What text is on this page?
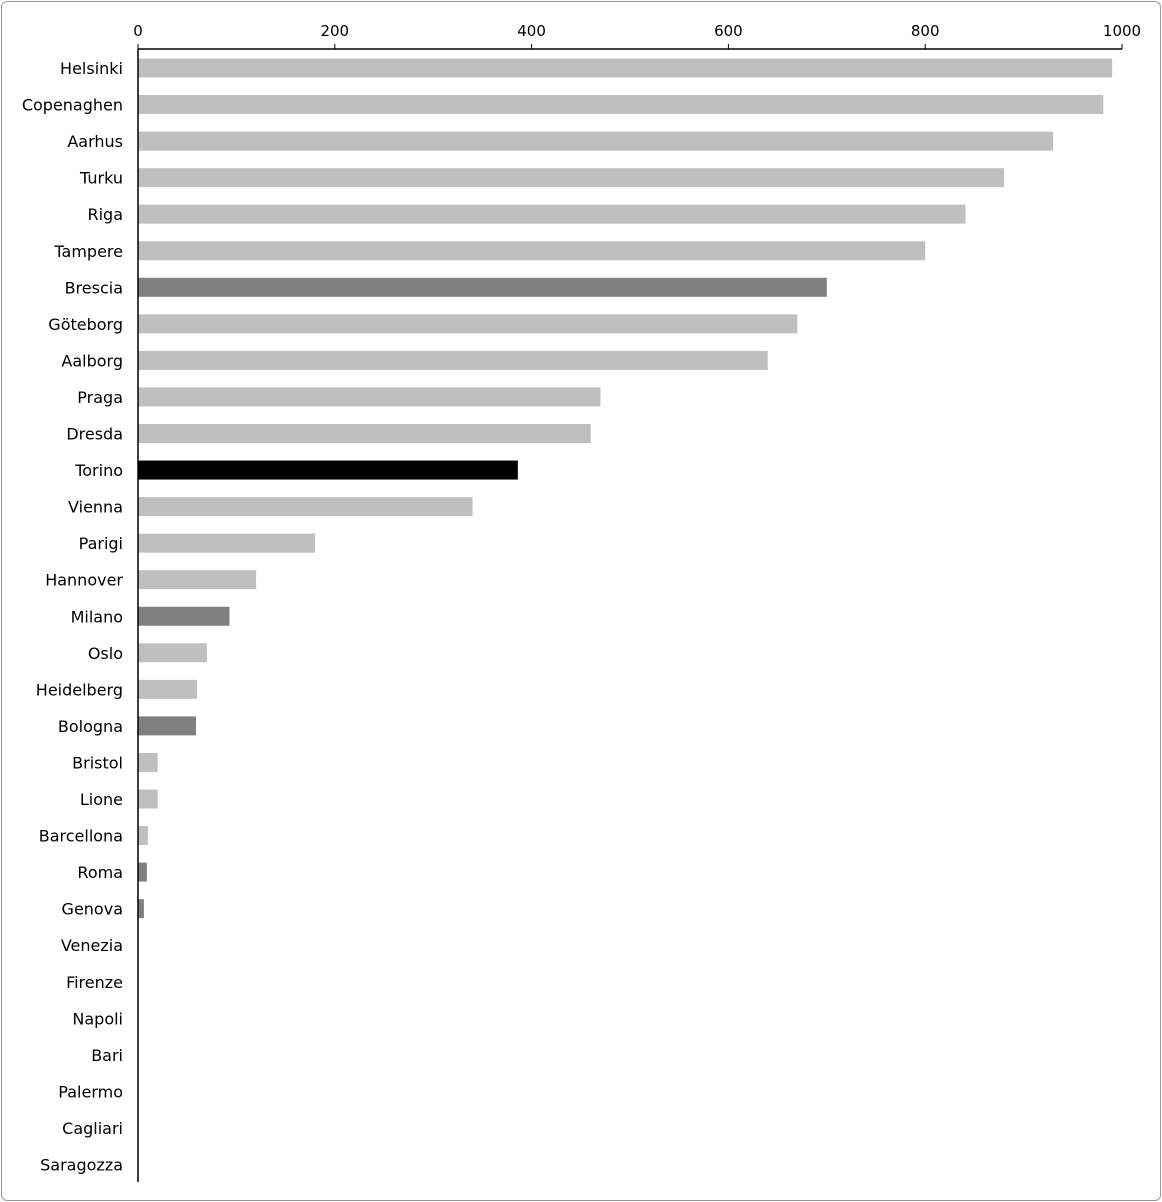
Helsinki
Copenaghen
Aarhus
Turku
Riga
Tampere
Brescia
Göteborg
Aalborg
Praga
Dresda
Torino
Vienna
Parigi
Hannover
Milano
Oslo
Heidelberg
Bologna
Bristol
Lione
Barcellona
Roma
Genova
Venezia
Firenze
Napoli
Bari
Palermo
Cagliari
Saragozza
0	200	400	600	800	1000
